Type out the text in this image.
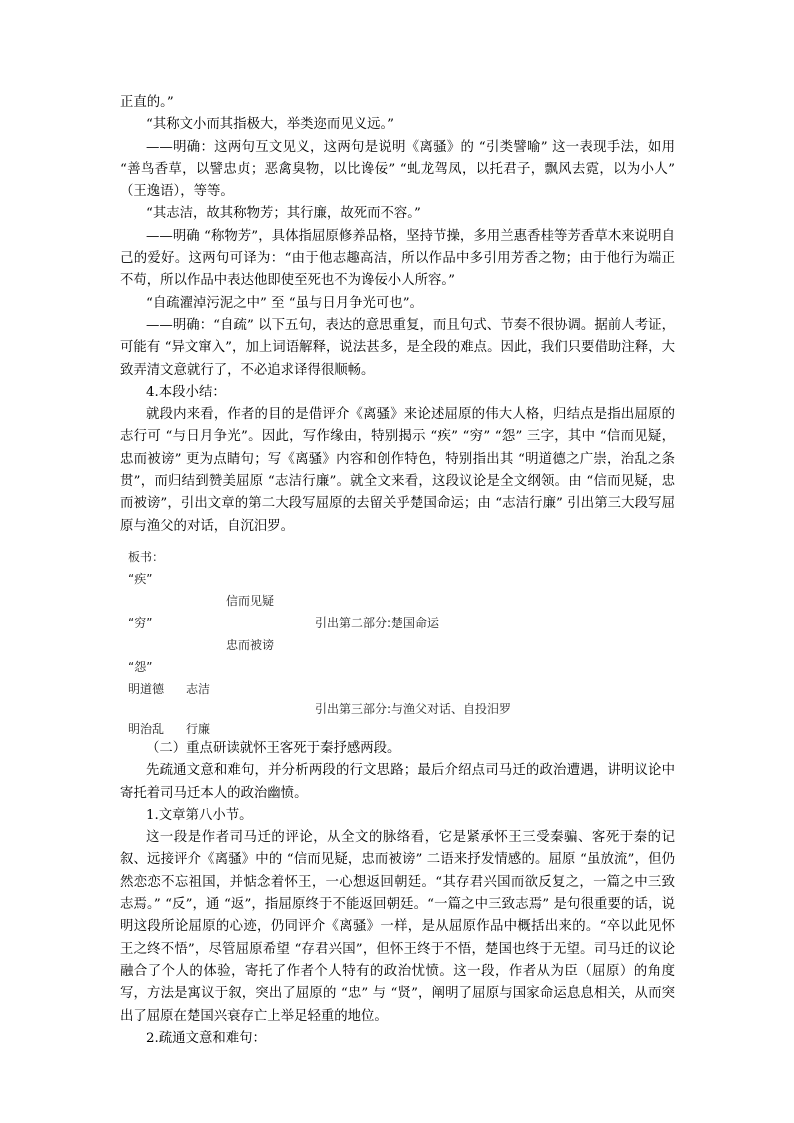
正直的。”

“其称文小而其指极大，举类迩而见义远。”

——明确：这两句互文见义，这两句是说明《离骚》的 “引类譬喻” 这一表现手法，如用 “善鸟香草，以譬忠贞；恶禽臭物，以比谗佞” “虬龙驾凤，以托君子，飘风去霓，以为小人” （王逸语），等等。

“其志洁，故其称物芳；其行廉，故死而不容。”

——明确 “称物芳”，具体指屈原修养品格，坚持节操，多用兰惠香桂等芳香草木来说明自己的爱好。这两句可译为：“由于他志趣高洁，所以作品中多引用芳香之物；由于他行为端正不苟，所以作品中表达他即使至死也不为谗佞小人所容。”

“自疏濯淖污泥之中” 至 “虽与日月争光可也”。

——明确：“自疏” 以下五句，表达的意思重复，而且句式、节奏不很协调。据前人考证，可能有 “异文窜入”，加上词语解释，说法甚多，是全段的难点。因此，我们只要借助注释，大致弄清文意就行了，不必追求译得很顺畅。

4.本段小结：

就段内来看，作者的目的是借评介《离骚》来论述屈原的伟大人格，归结点是指出屈原的志行可 “与日月争光”。因此，写作缘由，特别揭示 “疾” “穷” “怨” 三字，其中 “信而见疑，忠而被谤” 更为点睛句；写《离骚》内容和创作特色，特别指出其 “明道德之广崇，治乱之条贯”，而归结到赞美屈原 “志洁行廉”。就全文来看，这段议论是全文纲领。由 “信而见疑，忠而被谤”，引出文章的第二大段写屈原的去留关乎楚国命运；由 “志洁行廉” 引出第三大段写屈原与渔父的对话，自沉汨罗。

板书：
“疾”
信而见疑
“穷”	引出第二部分:楚国命运
忠而被谤
“怨”
明道德 志洁
引出第三部分:与渔父对话、自投汨罗
明治乱 行廉

（二）重点研读就怀王客死于秦抒感两段。

先疏通文意和难句，并分析两段的行文思路；最后介绍点司马迁的政治遭遇，讲明议论中寄托着司马迁本人的政治幽愤。

1.文章第八小节。

这一段是作者司马迁的评论，从全文的脉络看，它是紧承怀王三受秦骗、客死于秦的记叙、远接评介《离骚》中的 “信而见疑，忠而被谤” 二语来抒发情感的。屈原 “虽放流”，但仍然恋恋不忘祖国，并惦念着怀王，一心想返回朝廷。“其存君兴国而欲反复之，一篇之中三致志焉。” “反”，通 “返”，指屈原终于不能返回朝廷。“一篇之中三致志焉” 是句很重要的话，说明这段所论屈原的心迹，仍同评介《离骚》一样，是从屈原作品中概括出来的。“卒以此见怀王之终不悟”，尽管屈原希望 “存君兴国”，但怀王终于不悟，楚国也终于无望。司马迁的议论融合了个人的体验，寄托了作者个人特有的政治忧愤。这一段，作者从为臣（屈原）的角度写，方法是寓议于叙，突出了屈原的 “忠” 与 “贤”，阐明了屈原与国家命运息息相关，从而突出了屈原在楚国兴衰存亡上举足轻重的地位。

2.疏通文意和难句：
